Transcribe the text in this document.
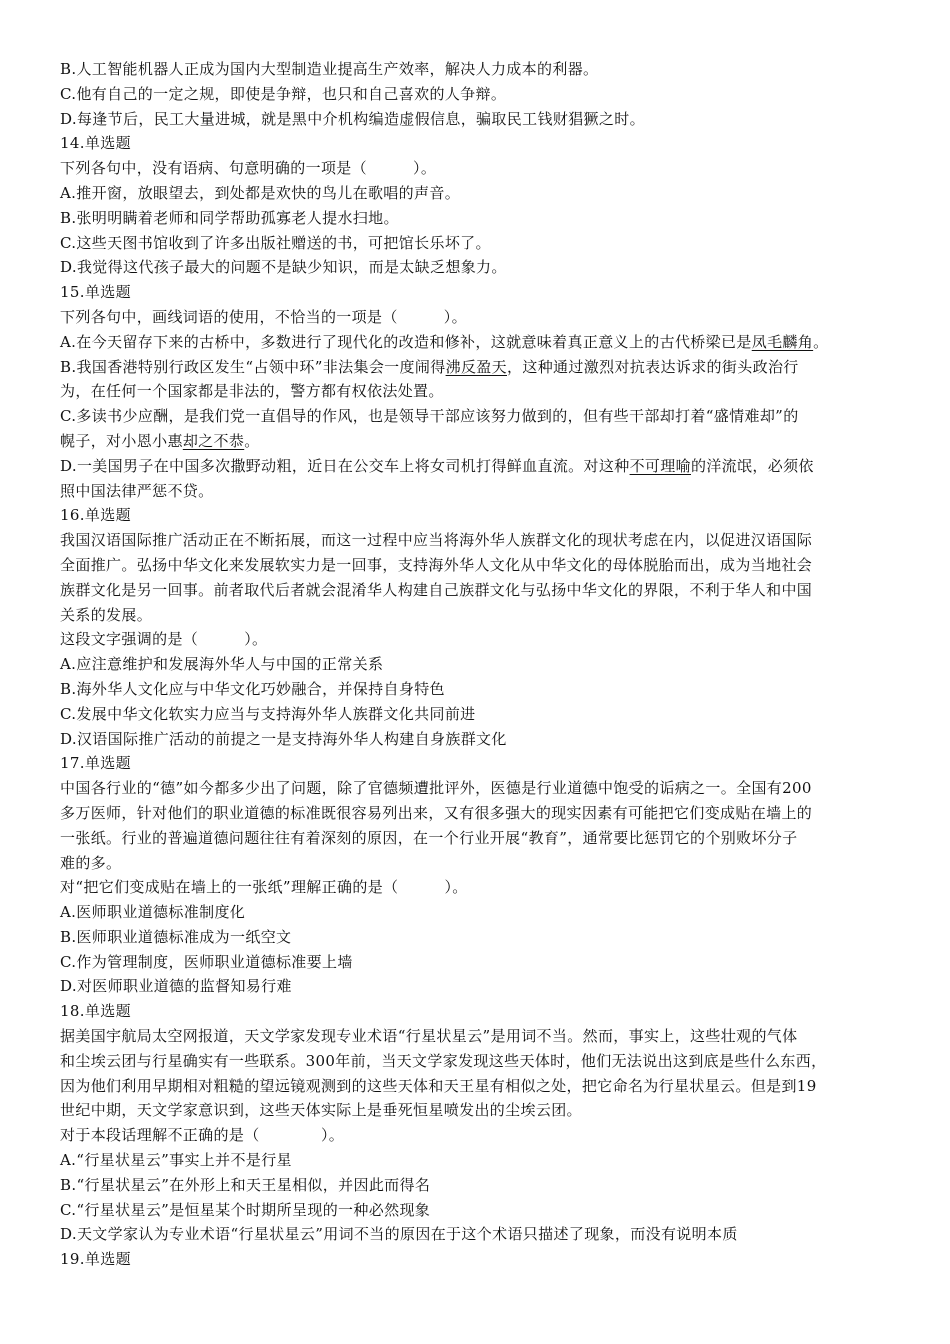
B.人工智能机器人正成为国内大型制造业提高生产效率，解决人力成本的利器。

C.他有自己的一定之规，即使是争辩，也只和自己喜欢的人争辩。

D.每逢节后，民工大量进城，就是黑中介机构编造虚假信息，骗取民工钱财猖獗之时。

14.单选题

下列各句中，没有语病、句意明确的一项是（　　　）。

A.推开窗，放眼望去，到处都是欢快的鸟儿在歌唱的声音。

B.张明明瞒着老师和同学帮助孤寡老人提水扫地。

C.这些天图书馆收到了许多出版社赠送的书，可把馆长乐坏了。

D.我觉得这代孩子最大的问题不是缺少知识，而是太缺乏想象力。

15.单选题

下列各句中，画线词语的使用，不恰当的一项是（　　　）。

A.在今天留存下来的古桥中，多数进行了现代化的改造和修补，这就意味着真正意义上的古代桥梁已是凤毛麟角。

B.我国香港特别行政区发生“占领中环”非法集会一度闹得沸反盈天，这种通过激烈对抗表达诉求的街头政治行

为，在任何一个国家都是非法的，警方都有权依法处置。

C.多读书少应酬，是我们党一直倡导的作风，也是领导干部应该努力做到的，但有些干部却打着“盛情难却”的

幌子，对小恩小惠却之不恭。

D.一美国男子在中国多次撒野动粗，近日在公交车上将女司机打得鲜血直流。对这种不可理喻的洋流氓，必须依

照中国法律严惩不贷。

16.单选题

我国汉语国际推广活动正在不断拓展，而这一过程中应当将海外华人族群文化的现状考虑在内，以促进汉语国际

全面推广。弘扬中华文化来发展软实力是一回事，支持海外华人文化从中华文化的母体脱胎而出，成为当地社会

族群文化是另一回事。前者取代后者就会混淆华人构建自己族群文化与弘扬中华文化的界限，不利于华人和中国

关系的发展。

这段文字强调的是（　　　）。

A.应注意维护和发展海外华人与中国的正常关系

B.海外华人文化应与中华文化巧妙融合，并保持自身特色

C.发展中华文化软实力应当与支持海外华人族群文化共同前进

D.汉语国际推广活动的前提之一是支持海外华人构建自身族群文化

17.单选题

中国各行业的“德”如今都多少出了问题，除了官德频遭批评外，医德是行业道德中饱受的诟病之一。全国有200

多万医师，针对他们的职业道德的标准既很容易列出来，又有很多强大的现实因素有可能把它们变成贴在墙上的

一张纸。行业的普遍道德问题往往有着深刻的原因，在一个行业开展“教育”，通常要比惩罚它的个别败坏分子

难的多。

对“把它们变成贴在墙上的一张纸”理解正确的是（　　　）。

A.医师职业道德标准制度化

B.医师职业道德标准成为一纸空文

C.作为管理制度，医师职业道德标准要上墙

D.对医师职业道德的监督知易行难

18.单选题

据美国宇航局太空网报道，天文学家发现专业术语“行星状星云”是用词不当。然而，事实上，这些壮观的气体

和尘埃云团与行星确实有一些联系。300年前，当天文学家发现这些天体时，他们无法说出这到底是些什么东西，

因为他们利用早期相对粗糙的望远镜观测到的这些天体和天王星有相似之处，把它命名为行星状星云。但是到19

世纪中期，天文学家意识到，这些天体实际上是垂死恒星喷发出的尘埃云团。

对于本段话理解不正确的是（　　　　）。

A.“行星状星云”事实上并不是行星

B.“行星状星云”在外形上和天王星相似，并因此而得名

C.“行星状星云”是恒星某个时期所呈现的一种必然现象

D.天文学家认为专业术语“行星状星云”用词不当的原因在于这个术语只描述了现象，而没有说明本质

19.单选题
